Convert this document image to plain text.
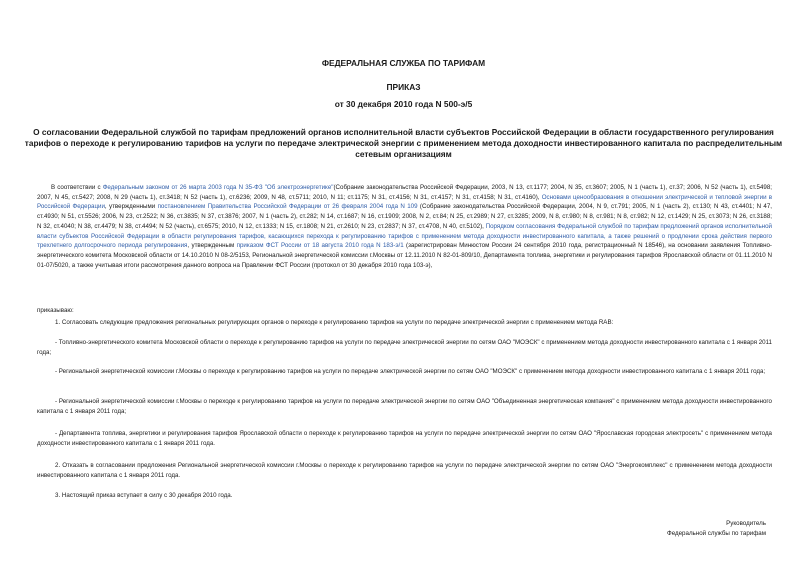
ФЕДЕРАЛЬНАЯ СЛУЖБА ПО ТАРИФАМ
ПРИКАЗ
от 30 декабря 2010 года N 500-э/5
О согласовании Федеральной службой по тарифам предложений органов исполнительной власти субъектов Российской Федерации в области государственного регулирования тарифов о переходе к регулированию тарифов на услуги по передаче электрической энергии с применением метода доходности инвестированного капитала по распределительным сетевым организациям
В соответствии с Федеральным законом от 26 марта 2003 года N 35-ФЗ "Об электроэнергетике"(Собрание законодательства Российской Федерации, 2003, N 13, ст.1177; 2004, N 35, ст.3607; 2005, N 1 (часть 1), ст.37; 2006, N 52 (часть 1), ст.5498; 2007, N 45, ст.5427; 2008, N 29 (часть 1), ст.3418; N 52 (часть 1), ст.6236; 2009, N 48, ст.5711; 2010, N 11; ст.1175; N 31, ст.4156; N 31, ст.4157; N 31, ст.4158; N 31, ст.4160), Основами ценообразования в отношении электрической и тепловой энергии в Российской Федерации, утвержденными постановлением Правительства Российской Федерации от 26 февраля 2004 года N 109 (Собрание законодательства Российской Федерации, 2004, N 9, ст.791; 2005, N 1 (часть 2), ст.130; N 43, ст.4401; N 47, ст.4930; N 51, ст.5526; 2006, N 23, ст.2522; N 36, ст.3835; N 37, ст.3876; 2007, N 1 (часть 2), ст.282; N 14, ст.1687; N 16, ст.1909; 2008, N 2, ст.84; N 25, ст.2989; N 27, ст.3285; 2009, N 8, ст.980; N 8, ст.981; N 8, ст.982; N 12, ст.1429; N 25, ст.3073; N 26, ст.3188; N 32, ст.4040; N 38, ст.4479; N 38, ст.4494; N 52 (часть), ст.6575; 2010, N 12, ст.1333; N 15, ст.1808; N 21, ст.2610; N 23, ст.2837; N 37, ст.4708, N 40, ст.5102), Порядком согласования Федеральной службой по тарифам предложений органов исполнительной власти субъектов Российской Федерации в области регулирования тарифов, касающихся перехода к регулированию тарифов с применением метода доходности инвестированного капитала, а также решений о продлении срока действия первого трехлетнего долгосрочного периода регулирования, утвержденным приказом ФСТ России от 18 августа 2010 года N 183-э/1 (зарегистрирован Минюстом России 24 сентября 2010 года, регистрационный N 18546), на основании заявления Топливно-энергетического комитета Московской области от 14.10.2010 N 08-2/5153, Региональной энергетической комиссии г.Москвы от 12.11.2010 N 82-01-809/10, Департамента топлива, энергетики и регулирования тарифов Ярославской области от 01.11.2010 N 01-07/5020, а также учитывая итоги рассмотрения данного вопроса на Правлении ФСТ России (протокол от 30 декабря 2010 года 103-э),
приказываю:
1. Согласовать следующие предложения региональных регулирующих органов о переходе к регулированию тарифов на услуги по передаче электрической энергии с применением метода RAB:
- Топливно-энергетического комитета Московской области о переходе к регулированию тарифов на услуги по передаче электрической энергии по сетям ОАО "МОЭСК" с применением метода доходности инвестированного капитала с 1 января 2011 года;
- Региональной энергетической комиссии г.Москвы о переходе к регулированию тарифов на услуги по передаче электрической энергии по сетям ОАО "МОЭСК" с применением метода доходности инвестированного капитала с 1 января 2011 года;
- Региональной энергетической комиссии г.Москвы о переходе к регулированию тарифов на услуги по передаче электрической энергии по сетям ОАО "Объединенная энергетическая компания" с применением метода доходности инвестированного капитала с 1 января 2011 года;
- Департамента топлива, энергетики и регулирования тарифов Ярославской области о переходе к регулированию тарифов на услуги по передаче электрической энергии по сетям ОАО "Ярославская городская электросеть" с применением метода доходности инвестированного капитала с 1 января 2011 года.
2. Отказать в согласовании предложения Региональной энергетической комиссии г.Москвы о переходе к регулированию тарифов на услуги по передаче электрической энергии по сетям ОАО "Энергокомплекс" с применением метода доходности инвестированного капитала с 1 января 2011 года.
3. Настоящий приказ вступает в силу с 30 декабря 2010 года.
Руководитель
Федеральной службы по тарифам
